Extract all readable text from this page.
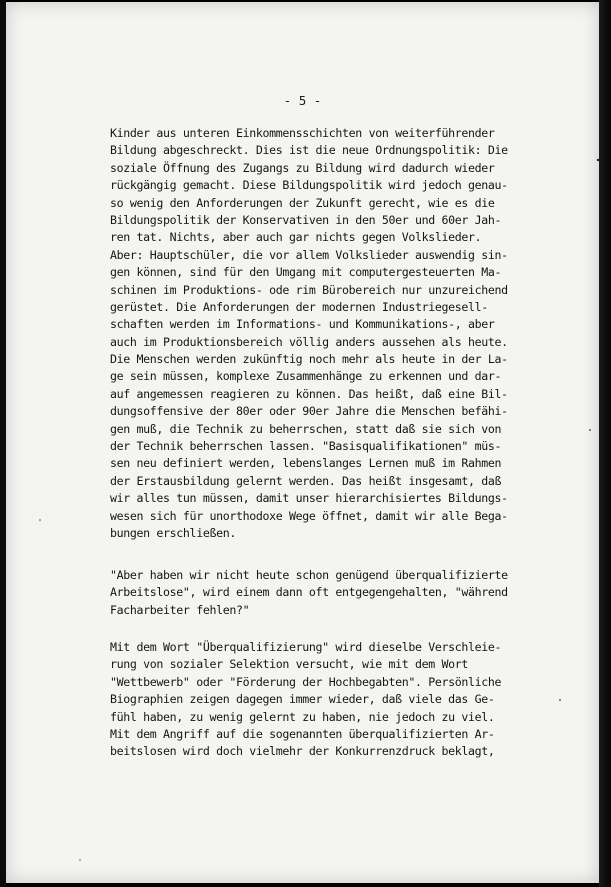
- 5 -
Kinder aus unteren Einkommensschichten von weiterführender
Bildung abgeschreckt. Dies ist die neue Ordnungspolitik: Die
soziale Öffnung des Zugangs zu Bildung wird dadurch wieder
rückgängig gemacht. Diese Bildungspolitik wird jedoch genau-
so wenig den Anforderungen der Zukunft gerecht, wie es die
Bildungspolitik der Konservativen in den 50er und 60er Jah-
ren tat. Nichts, aber auch gar nichts gegen Volkslieder.
Aber: Hauptschüler, die vor allem Volkslieder auswendig sin-
gen können, sind für den Umgang mit computergesteuerten Ma-
schinen im Produktions- ode rim Bürobereich nur unzureichend
gerüstet. Die Anforderungen der modernen Industriegesell-
schaften werden im Informations- und Kommunikations-, aber
auch im Produktionsbereich völlig anders aussehen als heute.
Die Menschen werden zukünftig noch mehr als heute in der La-
ge sein müssen, komplexe Zusammenhänge zu erkennen und dar-
auf angemessen reagieren zu können. Das heißt, daß eine Bil-
dungsoffensive der 80er oder 90er Jahre die Menschen befähi-
gen muß, die Technik zu beherrschen, statt daß sie sich von
der Technik beherrschen lassen. "Basisqualifikationen" müs-
sen neu definiert werden, lebenslanges Lernen muß im Rahmen
der Erstausbildung gelernt werden. Das heißt insgesamt, daß
wir alles tun müssen, damit unser hierarchisiertes Bildungs-
wesen sich für unorthodoxe Wege öffnet, damit wir alle Bega-
bungen erschließen.
"Aber haben wir nicht heute schon genügend überqualifizierte
Arbeitslose", wird einem dann oft entgegengehalten, "während
Facharbeiter fehlen?"
Mit dem Wort "Überqualifizierung" wird dieselbe Verschleie-
rung von sozialer Selektion versucht, wie mit dem Wort
"Wettbewerb" oder "Förderung der Hochbegabten". Persönliche
Biographien zeigen dagegen immer wieder, daß viele das Ge-
fühl haben, zu wenig gelernt zu haben, nie jedoch zu viel.
Mit dem Angriff auf die sogenannten überqualifizierten Ar-
beitslosen wird doch vielmehr der Konkurrenzdruck beklagt,
